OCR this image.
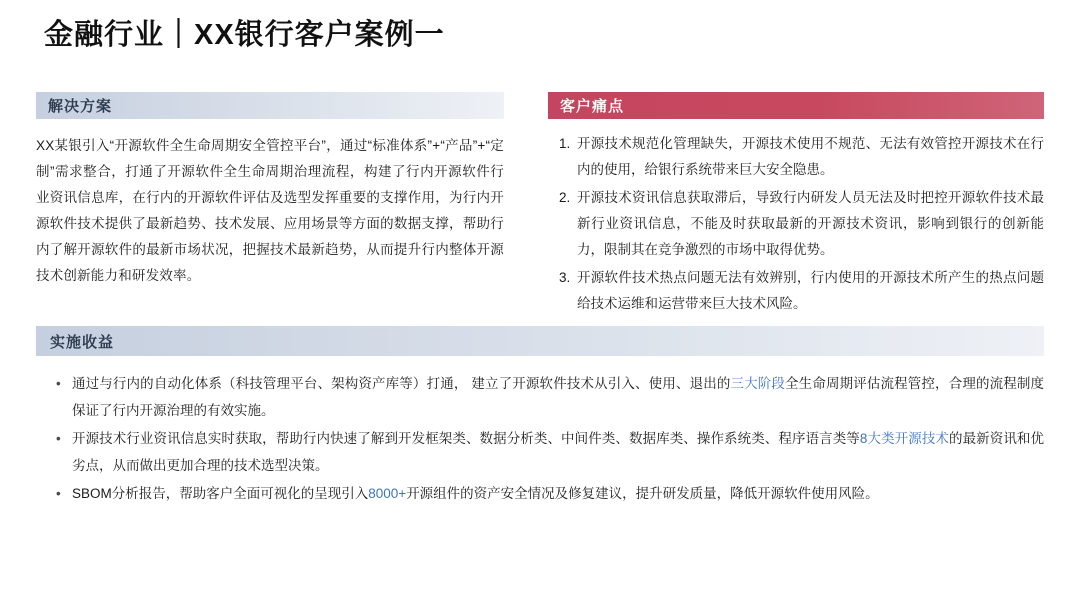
金融行业｜XX银行客户案例一
解决方案
XX某银引入“开源软件全生命周期安全管控平台”，通过“标准体系”+“产品”+“定制”需求整合，打通了开源软件全生命周期治理流程，构建了行内开源软件行业资讯信息库，在行内的开源软件评估及选型发挥重要的支撑作用，为行内开源软件技术提供了最新趋势、技术发展、应用场景等方面的数据支撑，帮助行内了解开源软件的最新市场状况，把握技术最新趋势，从而提升行内整体开源技术创新能力和研发效率。
客户痛点
1. 开源技术规范化管理缺失，开源技术使用不规范、无法有效管控开源技术在行内的使用，给银行系统带来巨大安全隐患。
2. 开源技术资讯信息获取滞后，导致行内研发人员无法及时把控开源软件技术最新行业资讯信息，不能及时获取最新的开源技术资讯，影响到银行的创新能力，限制其在竞争激烈的市场中取得优势。
3. 开源软件技术热点问题无法有效辨别，行内使用的开源技术所产生的热点问题给技术运维和运营带来巨大技术风险。
实施收益
• 通过与行内的自动化体系（科技管理平台、架构资产库等）打通， 建立了开源软件技术从引入、使用、退出的三大阶段全生命周期评估流程管控，合理的流程制度保证了行内开源治理的有效实施。
• 开源技术行业资讯信息实时获取，帮助行内快速了解到开发框架类、数据分析类、中间件类、数据库类、操作系统类、程序语言类等8大类开源技术的最新资讯和优劣点，从而做出更加合理的技术选型决策。
• SBOM分析报告，帮助客户全面可视化的呈现引入8000+开源组件的资产安全情况及修复建议，提升研发质量，降低开源软件使用风险。
